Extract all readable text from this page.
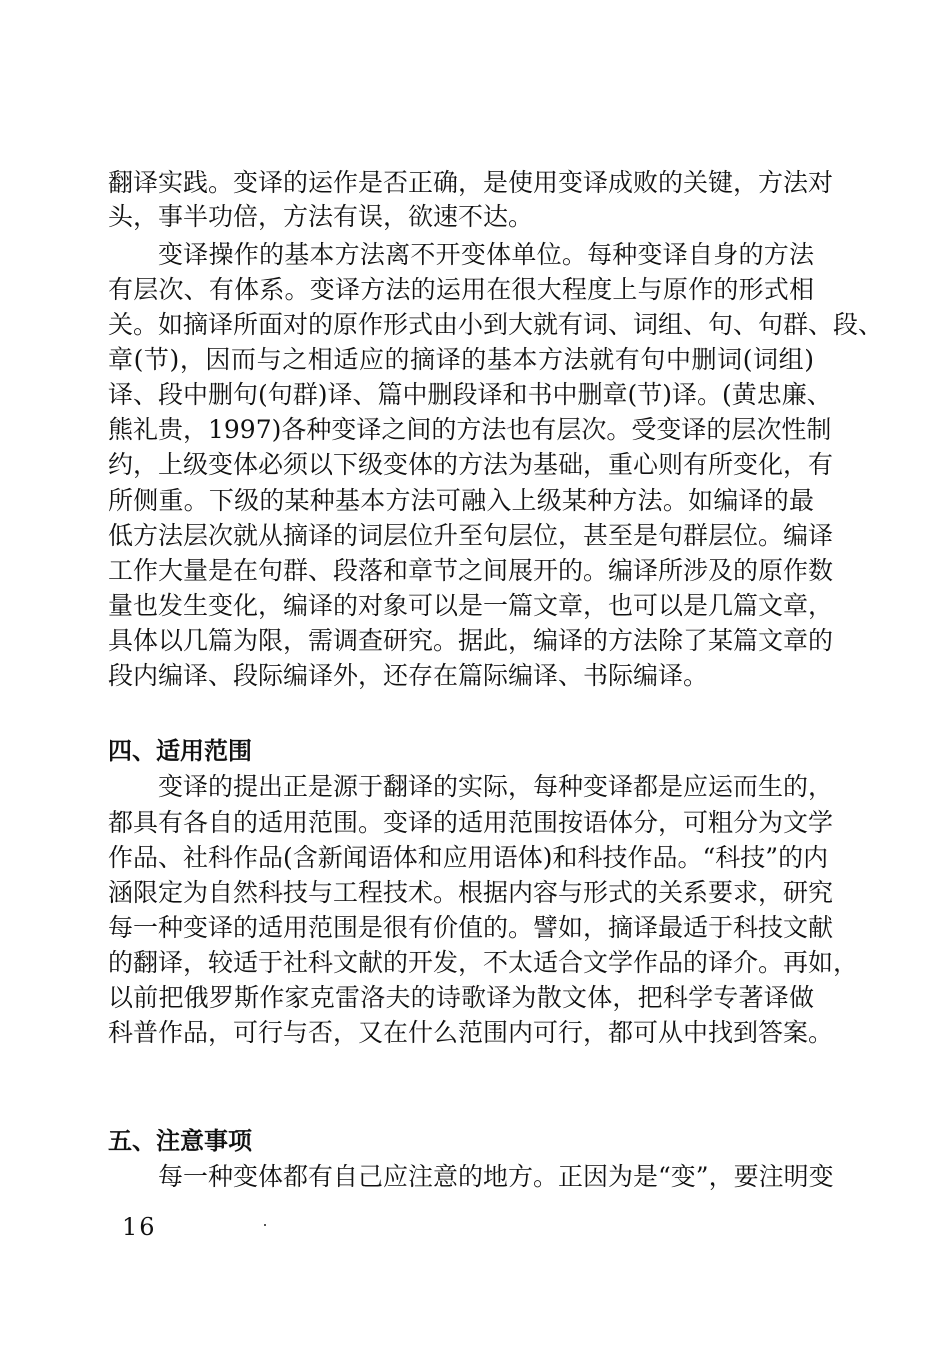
翻译实践。变译的运作是否正确，是使用变译成败的关键，方法对
头，事半功倍，方法有误，欲速不达。
变译操作的基本方法离不开变体单位。每种变译自身的方法
有层次、有体系。变译方法的运用在很大程度上与原作的形式相
关。如摘译所面对的原作形式由小到大就有词、词组、句、句群、段、
章(节)，因而与之相适应的摘译的基本方法就有句中删词(词组)
译、段中删句(句群)译、篇中删段译和书中删章(节)译。(黄忠廉、
熊礼贵，1997)各种变译之间的方法也有层次。受变译的层次性制
约，上级变体必须以下级变体的方法为基础，重心则有所变化，有
所侧重。下级的某种基本方法可融入上级某种方法。如编译的最
低方法层次就从摘译的词层位升至句层位，甚至是句群层位。编译
工作大量是在句群、段落和章节之间展开的。编译所涉及的原作数
量也发生变化，编译的对象可以是一篇文章，也可以是几篇文章，
具体以几篇为限，需调查研究。据此，编译的方法除了某篇文章的
段内编译、段际编译外，还存在篇际编译、书际编译。
四、适用范围
变译的提出正是源于翻译的实际，每种变译都是应运而生的，
都具有各自的适用范围。变译的适用范围按语体分，可粗分为文学
作品、社科作品(含新闻语体和应用语体)和科技作品。“科技”的内
涵限定为自然科技与工程技术。根据内容与形式的关系要求，研究
每一种变译的适用范围是很有价值的。譬如，摘译最适于科技文献
的翻译，较适于社科文献的开发，不太适合文学作品的译介。再如，
以前把俄罗斯作家克雷洛夫的诗歌译为散文体，把科学专著译做
科普作品，可行与否，又在什么范围内可行，都可从中找到答案。
五、注意事项
每一种变体都有自己应注意的地方。正因为是“变”，要注明变
16
